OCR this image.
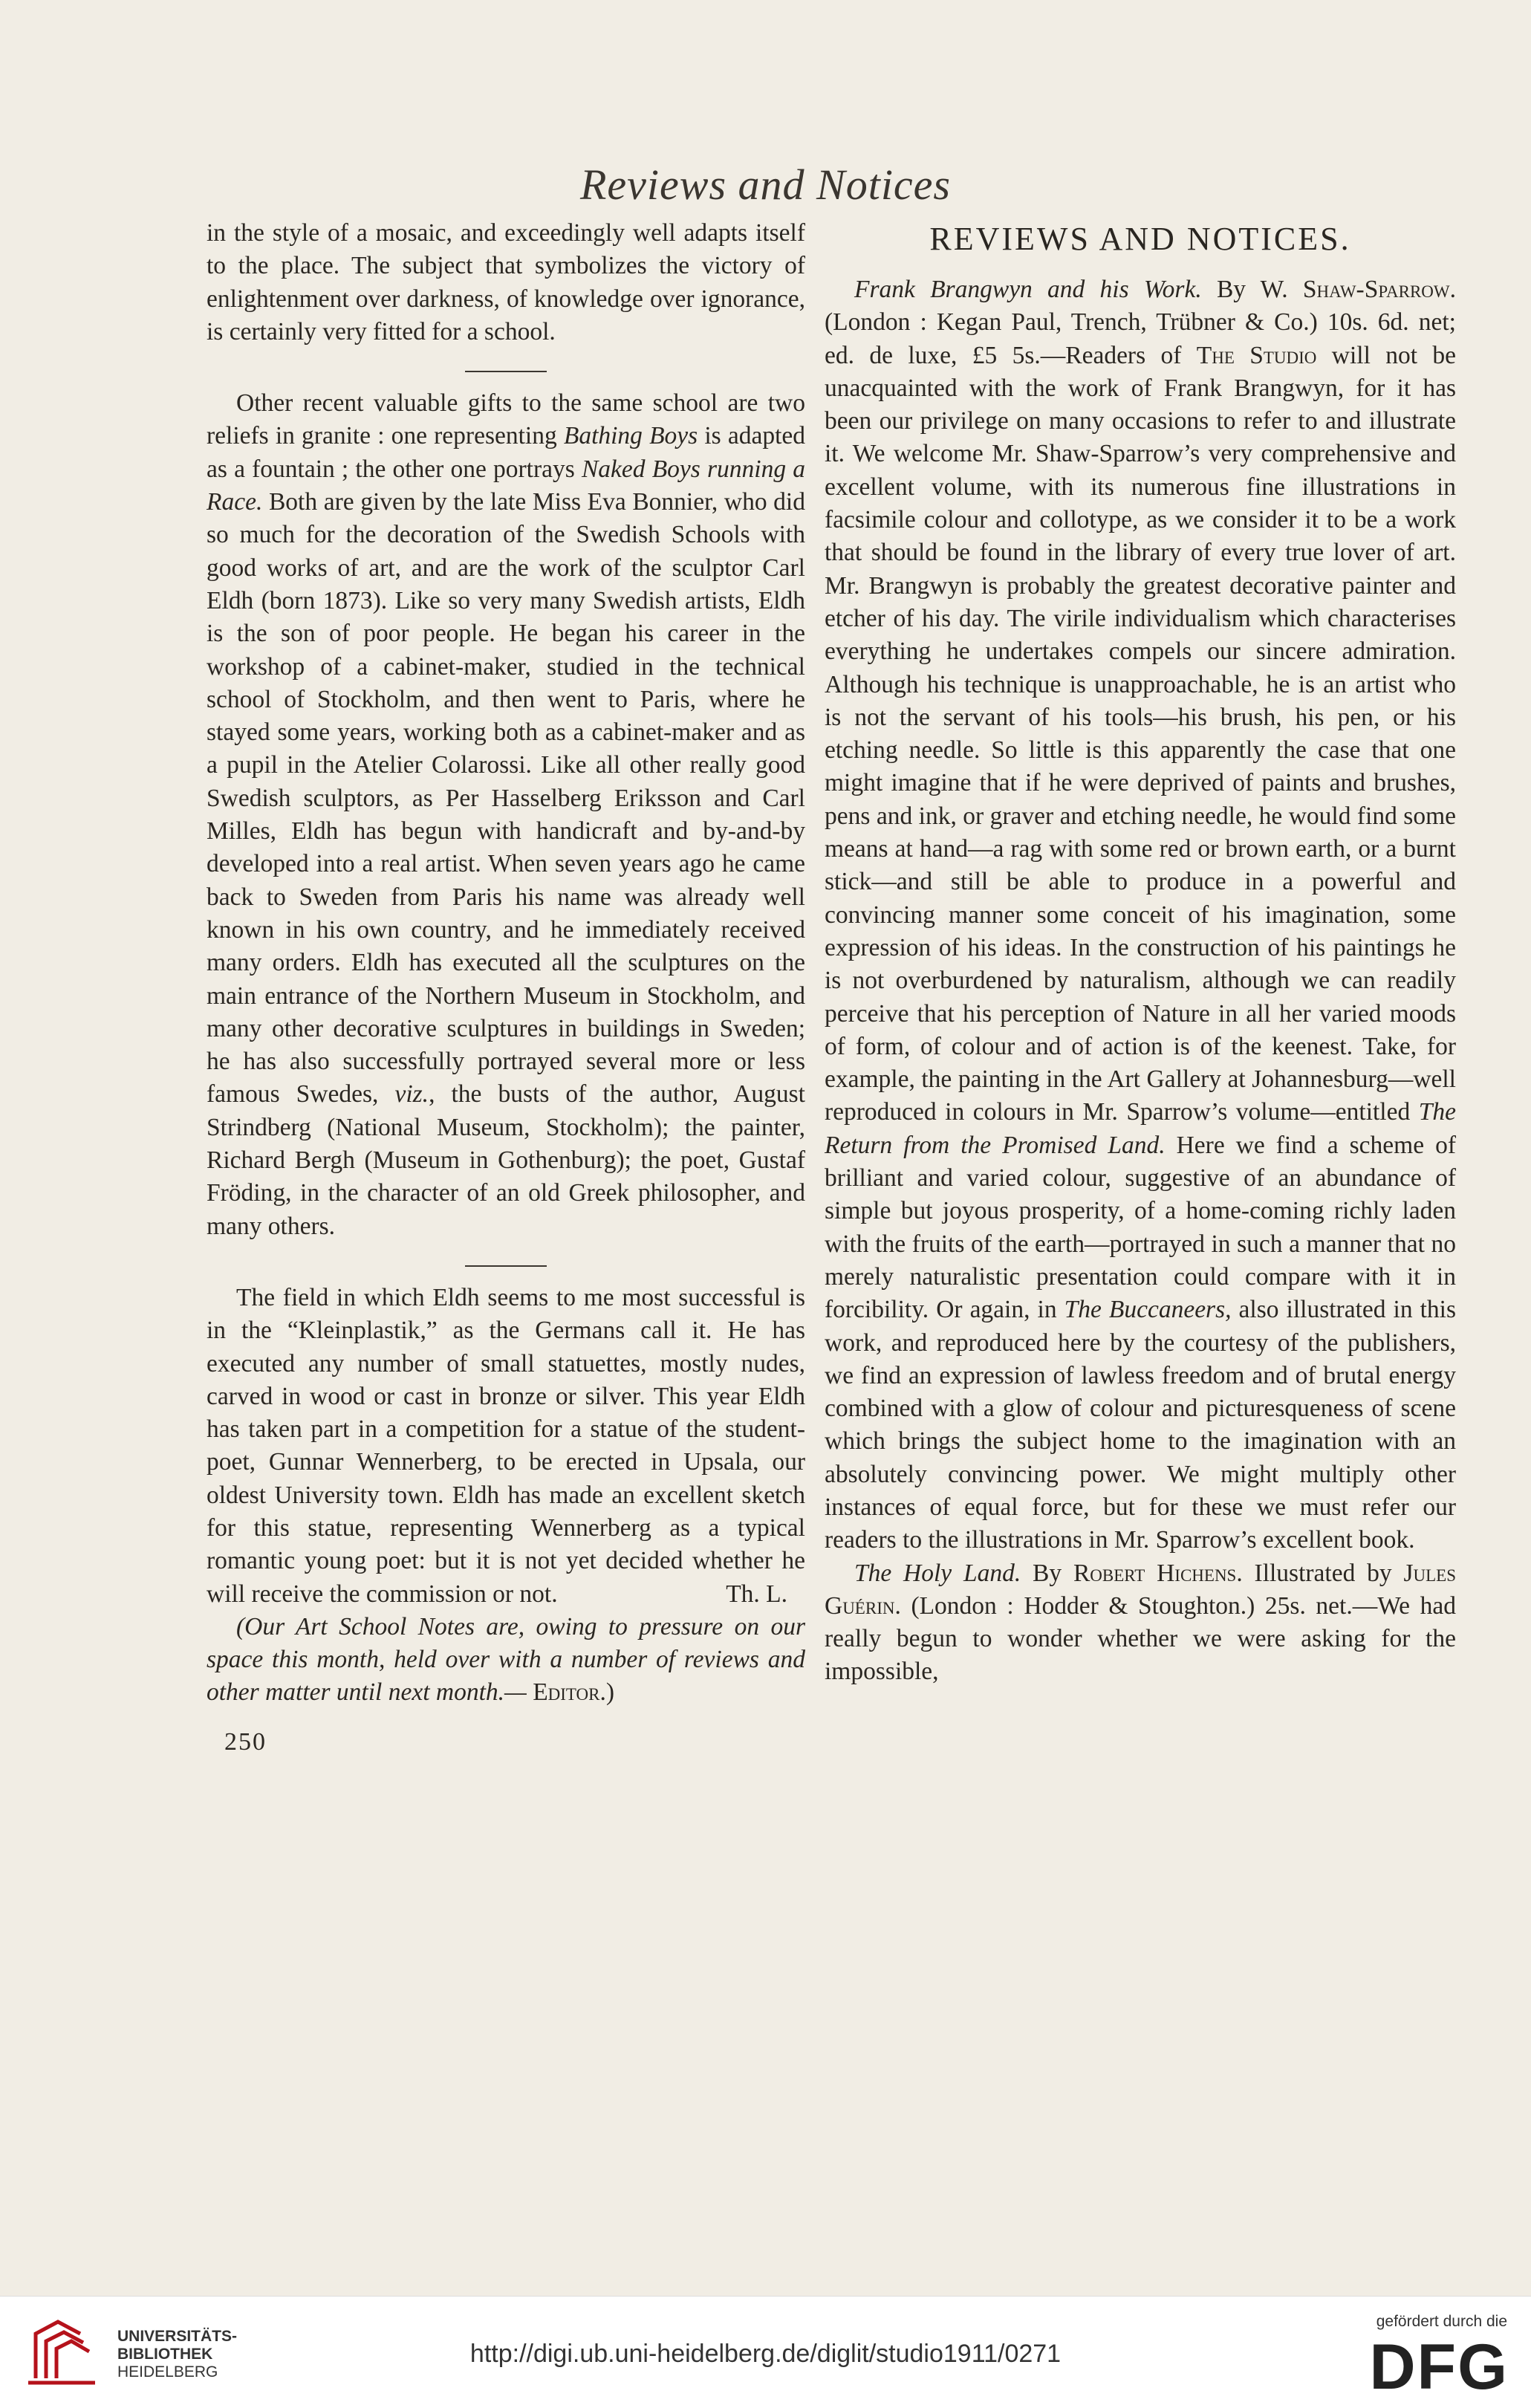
Reviews and Notices

in the style of a mosaic, and exceedingly well adapts itself to the place. The subject that symbolizes the victory of enlightenment over darkness, of knowledge over ignorance, is certainly very fitted for a school.

Other recent valuable gifts to the same school are two reliefs in granite : one representing Bathing Boys is adapted as a fountain ; the other one portrays Naked Boys running a Race. Both are given by the late Miss Eva Bonnier, who did so much for the decoration of the Swedish Schools with good works of art, and are the work of the sculptor Carl Eldh (born 1873). Like so very many Swedish artists, Eldh is the son of poor people. He began his career in the workshop of a cabinet-maker, studied in the technical school of Stockholm, and then went to Paris, where he stayed some years, working both as a cabinet-maker and as a pupil in the Atelier Colarossi. Like all other really good Swedish sculptors, as Per Hasselberg Eriksson and Carl Milles, Eldh has begun with handicraft and by-and-by developed into a real artist. When seven years ago he came back to Sweden from Paris his name was already well known in his own country, and he immediately received many orders. Eldh has executed all the sculptures on the main entrance of the Northern Museum in Stockholm, and many other decorative sculptures in buildings in Sweden; he has also successfully portrayed several more or less famous Swedes, viz., the busts of the author, August Strindberg (National Museum, Stockholm); the painter, Richard Bergh (Museum in Gothenburg); the poet, Gustaf Fröding, in the character of an old Greek philosopher, and many others.

The field in which Eldh seems to me most successful is in the “Kleinplastik,” as the Germans call it. He has executed any number of small statuettes, mostly nudes, carved in wood or cast in bronze or silver. This year Eldh has taken part in a competition for a statue of the student-poet, Gunnar Wennerberg, to be erected in Upsala, our oldest University town. Eldh has made an excellent sketch for this statue, representing Wennerberg as a typical romantic young poet: but it is not yet decided whether he will receive the commission or not.	Th. L.

(Our Art School Notes are, owing to pressure on our space this month, held over with a number of reviews and other matter until next month.— Editor.)

250
REVIEWS AND NOTICES.

Frank Brangwyn and his Work. By W. Shaw-Sparrow. (London : Kegan Paul, Trench, Trübner & Co.) 10s. 6d. net; ed. de luxe, £5 5s.—Readers of The Studio will not be unacquainted with the work of Frank Brangwyn, for it has been our privilege on many occasions to refer to and illustrate it. We welcome Mr. Shaw-Sparrow’s very comprehensive and excellent volume, with its numerous fine illustrations in facsimile colour and collotype, as we consider it to be a work that should be found in the library of every true lover of art. Mr. Brangwyn is probably the greatest decorative painter and etcher of his day. The virile individualism which characterises everything he undertakes compels our sincere admiration. Although his technique is unapproachable, he is an artist who is not the servant of his tools—his brush, his pen, or his etching needle. So little is this apparently the case that one might imagine that if he were deprived of paints and brushes, pens and ink, or graver and etching needle, he would find some means at hand—a rag with some red or brown earth, or a burnt stick—and still be able to produce in a powerful and convincing manner some conceit of his imagination, some expression of his ideas. In the construction of his paintings he is not overburdened by naturalism, although we can readily perceive that his perception of Nature in all her varied moods of form, of colour and of action is of the keenest. Take, for example, the painting in the Art Gallery at Johannesburg—well reproduced in colours in Mr. Sparrow’s volume—entitled The Return from the Promised Land. Here we find a scheme of brilliant and varied colour, suggestive of an abundance of simple but joyous prosperity, of a home-coming richly laden with the fruits of the earth—portrayed in such a manner that no merely naturalistic presentation could compare with it in forcibility. Or again, in The Buccaneers, also illustrated in this work, and reproduced here by the courtesy of the publishers, we find an expression of lawless freedom and of brutal energy combined with a glow of colour and picturesqueness of scene which brings the subject home to the imagination with an absolutely convincing power. We might multiply other instances of equal force, but for these we must refer our readers to the illustrations in Mr. Sparrow’s excellent book.

The Holy Land. By Robert Hichens. Illustrated by Jules Guérin. (London : Hodder & Stoughton.) 25s. net.—We had really begun to wonder whether we were asking for the impossible,

UNIVERSITÄTS-
BIBLIOTHEK
HEIDELBERG
http://digi.ub.uni-heidelberg.de/diglit/studio1911/0271
gefördert durch die
DFG
